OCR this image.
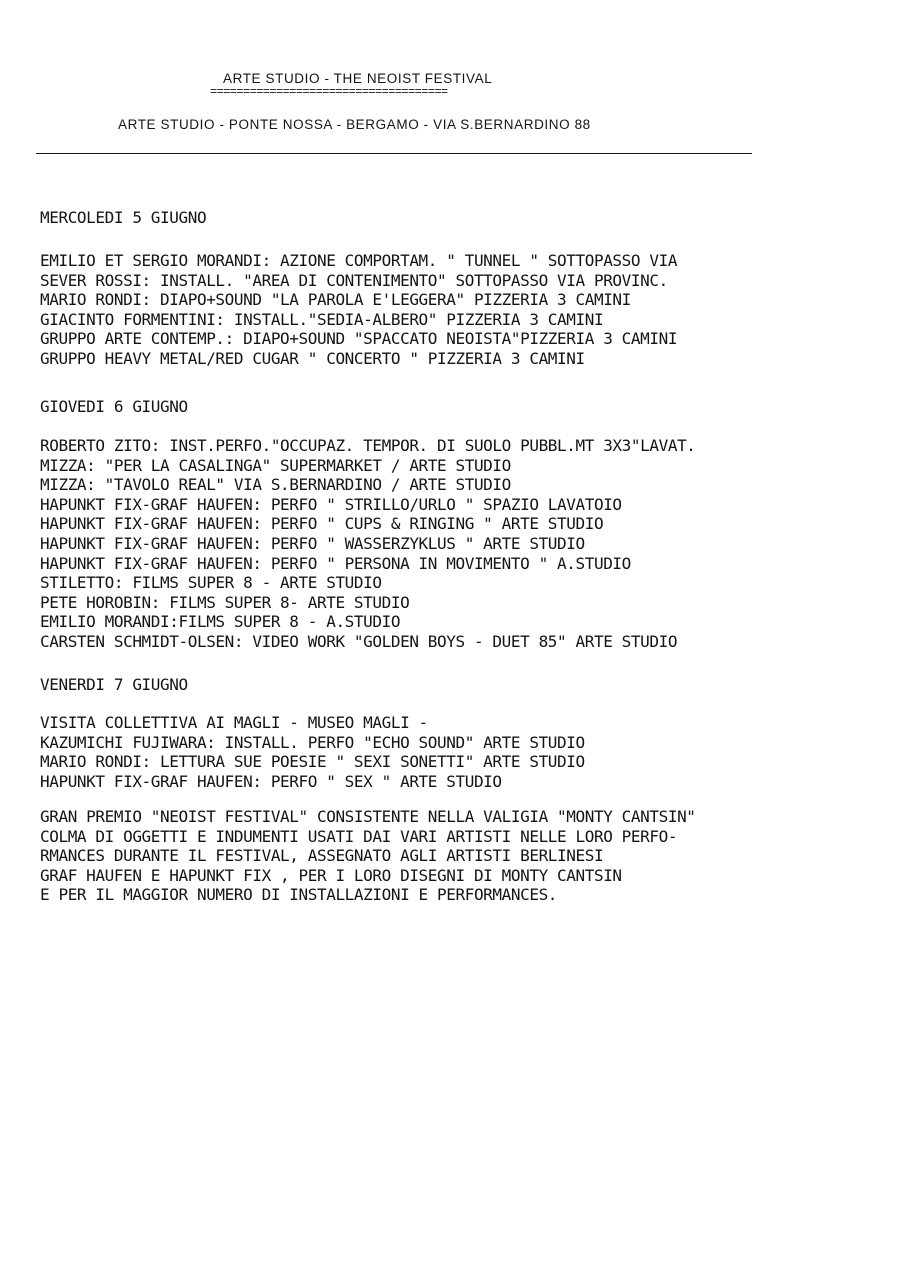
ARTE STUDIO - THE NEOIST FESTIVAL
====================================
ARTE STUDIO - PONTE NOSSA - BERGAMO - VIA S.BERNARDINO 88
MERCOLEDI 5 GIUGNO
EMILIO ET SERGIO MORANDI: AZIONE COMPORTAM. " TUNNEL " SOTTOPASSO VIA
SEVER ROSSI: INSTALL. "AREA DI CONTENIMENTO" SOTTOPASSO VIA PROVINC.
MARIO RONDI: DIAPO+SOUND "LA PAROLA E'LEGGERA" PIZZERIA 3 CAMINI
GIACINTO FORMENTINI: INSTALL."SEDIA-ALBERO" PIZZERIA 3 CAMINI
GRUPPO ARTE CONTEMP.: DIAPO+SOUND "SPACCATO NEOISTA"PIZZERIA 3 CAMINI
GRUPPO HEAVY METAL/RED CUGAR " CONCERTO " PIZZERIA 3 CAMINI
GIOVEDI 6 GIUGNO
ROBERTO ZITO: INST.PERFO."OCCUPAZ. TEMPOR. DI SUOLO PUBBL.MT 3X3"LAVAT.
MIZZA: "PER LA CASALINGA" SUPERMARKET / ARTE STUDIO
MIZZA: "TAVOLO REAL" VIA S.BERNARDINO / ARTE STUDIO
HAPUNKT FIX-GRAF HAUFEN: PERFO " STRILLO/URLO " SPAZIO LAVATOIO
HAPUNKT FIX-GRAF HAUFEN: PERFO " CUPS & RINGING " ARTE STUDIO
HAPUNKT FIX-GRAF HAUFEN: PERFO " WASSERZYKLUS " ARTE STUDIO
HAPUNKT FIX-GRAF HAUFEN: PERFO " PERSONA IN MOVIMENTO " A.STUDIO
STILETTO: FILMS SUPER 8 - ARTE STUDIO
PETE HOROBIN: FILMS SUPER 8- ARTE STUDIO
EMILIO MORANDI:FILMS SUPER 8 - A.STUDIO
CARSTEN SCHMIDT-OLSEN: VIDEO WORK "GOLDEN BOYS - DUET 85" ARTE STUDIO
VENERDI 7 GIUGNO
VISITA COLLETTIVA AI MAGLI - MUSEO MAGLI -
KAZUMICHI FUJIWARA: INSTALL. PERFO "ECHO SOUND" ARTE STUDIO
MARIO RONDI: LETTURA SUE POESIE " SEXI SONETTI" ARTE STUDIO
HAPUNKT FIX-GRAF HAUFEN: PERFO " SEX " ARTE STUDIO
GRAN PREMIO "NEOIST FESTIVAL" CONSISTENTE NELLA VALIGIA "MONTY CANTSIN"
COLMA DI OGGETTI E INDUMENTI USATI DAI VARI ARTISTI NELLE LORO PERFO-
RMANCES DURANTE IL FESTIVAL, ASSEGNATO AGLI ARTISTI BERLINESI
GRAF HAUFEN E HAPUNKT FIX , PER I LORO DISEGNI DI MONTY CANTSIN
E PER IL MAGGIOR NUMERO DI INSTALLAZIONI E PERFORMANCES.
